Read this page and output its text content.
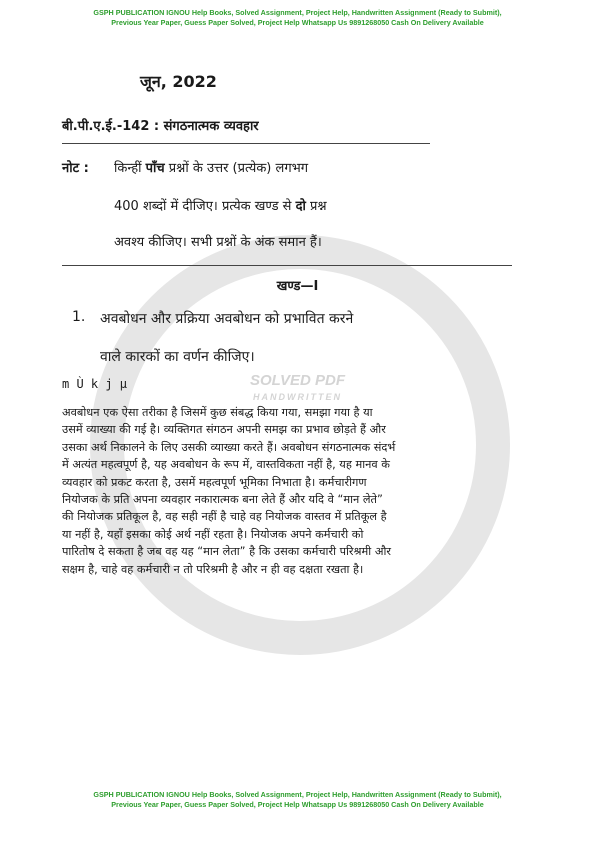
GSPH PUBLICATION IGNOU Help Books, Solved Assignment, Project Help, Handwritten Assignment (Ready to Submit),
Previous Year Paper, Guess Paper Solved, Project Help Whatsapp Us 9891268050 Cash On Delivery Available
SOLVED PDF
HANDWRITTEN
जून, 2022
बी.पी.ए.ई.-142 : संगठनात्मक व्यवहार
नोट : किन्हीं पाँच प्रश्नों के उत्तर (प्रत्येक) लगभग
400 शब्दों में दीजिए। प्रत्येक खण्ड से दो प्रश्न
अवश्य कीजिए। सभी प्रश्नों के अंक समान हैं।
खण्ड—I
1. अवबोधन और प्रक्रिया अवबोधन को प्रभावित करने
वाले कारकों का वर्णन कीजिए।
m Ù k j µ
अवबोधन एक ऐसा तरीका है जिसमें कुछ संबद्ध किया गया, समझा गया है या
उसमें व्याख्या की गई है। व्यक्तिगत संगठन अपनी समझ का प्रभाव छोड़ते हैं और
उसका अर्थ निकालने के लिए उसकी व्याख्या करते हैं। अवबोधन संगठनात्मक संदर्भ
में अत्यंत महत्वपूर्ण है, यह अवबोधन के रूप में, वास्तविकता नहीं है, यह मानव के
व्यवहार को प्रकट करता है, उसमें महत्वपूर्ण भूमिका निभाता है। कर्मचारीगण
नियोजक के प्रति अपना व्यवहार नकारात्मक बना लेते हैं और यदि वे “मान लेते”
की नियोजक प्रतिकूल है, वह सही नहीं है चाहे वह नियोजक वास्तव में प्रतिकूल है
या नहीं है, यहाँ इसका कोई अर्थ नहीं रहता है। नियोजक अपने कर्मचारी को
पारितोष दे सकता है जब वह यह “मान लेता” है कि उसका कर्मचारी परिश्रमी और
सक्षम है, चाहे वह कर्मचारी न तो परिश्रमी है और न ही वह दक्षता रखता है।
GSPH PUBLICATION IGNOU Help Books, Solved Assignment, Project Help, Handwritten Assignment (Ready to Submit),
Previous Year Paper, Guess Paper Solved, Project Help Whatsapp Us 9891268050 Cash On Delivery Available
